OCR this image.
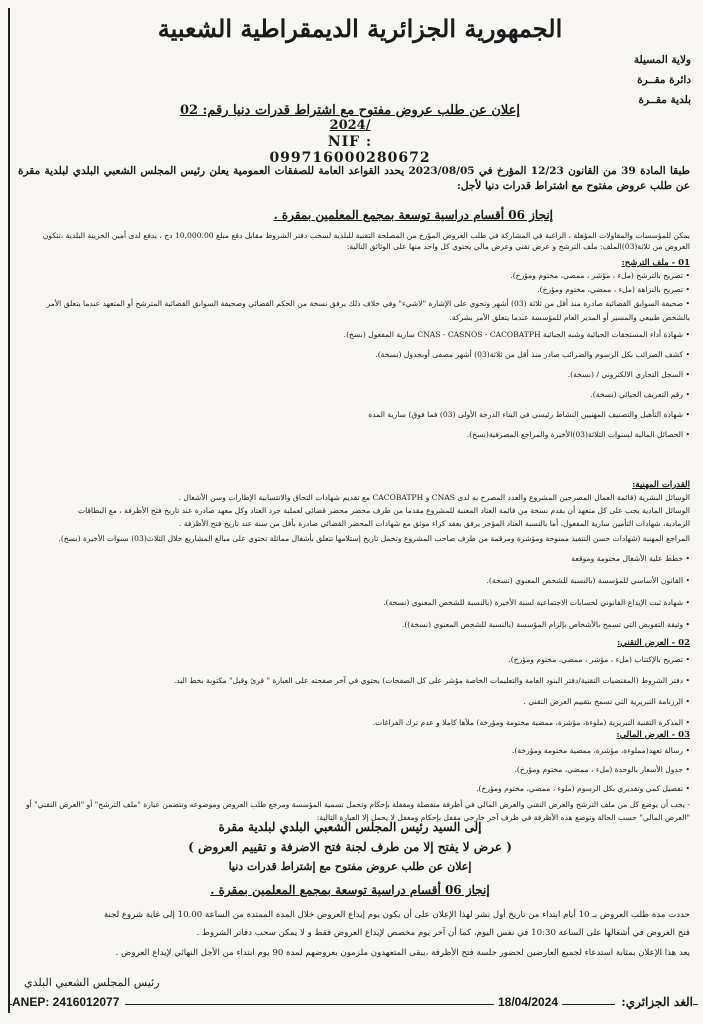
الجمهورية الجزائرية الديمقراطية الشعبية
ولاية المسيلة
دائرة مقــرة
بلدية مقــرة
إعلان عن طلب عروض مفتوح مع اشتراط قدرات دنيا رقم: 02 /2024
NIF : 099716000280672
طبقا المادة 39 من القانون 12/23 المؤرخ في 2023/08/05 يحدد القواعد العامة للصفقات العمومية يعلن رئيس المجلس الشعبي البلدي لبلدية مقرة عن طلب عروض مفتوح مع اشتراط قدرات دنيا لأجل:
إنجاز 06 أقسام دراسية توسعة بمجمع المعلمين بمقرة .
يمكن للمؤسسات والمقاولات المؤهلة ، الراغبة في المشاركة في طلب العروض المؤرخ من المصلحة التقنية للبلدية لسحب دفتر الشروط مقابل دفع مبلغ 10,000.00 دج ، يدفع لدى أمين الخزينة البلدية ،تتكون
العروض من ثلاثة(03)الملف: ملف الترشح و عرض تقني وعرض مالي يحتوي كل واحد منها على الوثائق التالية:
01 - ملف الترشح:
• تصريح بالترشح (ملء ، مؤشر ، ممضي، مختوم ومؤرخ).
• تصريح بالنزاهة (ملء ، ممضي، مختوم ومؤرخ).
• صحيفة السوابق القضائية صادرة منذ أقل من ثلاثة (03) أشهر وتحوي على الإشارة "لاشيء" وفي خلاف ذلك يرفق نسخة من الحكم القضائي وصحيفة السوابق القضائية المترشح أو المتعهد عندما يتعلق الأمر
بالشخص طبيعي والمسير أو المدير العام للمؤسسة عندما يتعلق الأمر بشركة.
• شهادة أداء المستحقات الجبائية وشبه الجبائية CNAS - CASNOS - CACOBATPH سارية المفعول (نسخ).
• كشف الضرائب بكل الرسوم والضرائب صادر منذ أقل من ثلاثة(03) أشهر مصفى أوبجدول (نسخة).
• السجل التجاري الالكتروني / (نسخة).
• رقم التعريف الجبائي (نسخة).
• شهادة التأهيل والتصنيف المهنيين النشاط رئيسي في البناء الدرجة الأولى (03) فما فوق) سارية المدة
• الحصائل المالية لسنوات الثلاثة(03)الأخيرة والمراجع المصرفية(نسخ).
القدرات المهنية:
الوسائل البشرية (قائمة العمال المصرحين المشروع والعدد المصرح به لدى CNAS و CACOBATPH مع تقديم شهادات التحاق والانتسابية الإطارات وسن الأشغال .
الوسائل المادية يجب على كل متعهد أن يقدم نسخة من قائمة العتاد المعنية للمشروع مقدما من طرف محضر محضر قضائي لعملية جرد العتاد وكل معهد صادرة عند تاريخ فتح الأظرفة ، مع البطاقات
الرمادية، شهادات التأمين سارية المفعول، أما بالنسبة العتاد المؤجر يرفق بعقد كراء موثق مع شهادات المحضر القضائي صادرة بأقل من سنة عند تاريخ فتح الأظرفة .
المراجع المهنية (شهادات حسن التنفيذ ممنوحة ومؤشرة ومرقمة من طرف صاحب المشروع وتحمل تاريخ إستلامها تتعلق بأشغال مماثلة تحتوي على مبالغ المشاريع خلال الثلاث(03) سنوات الأخيرة (نسخ).
• خطط علية الأشغال مختومة وموقعة
• القانون الأساسي للمؤسسة (بالنسبة للشخص المعنوي (نسخة).
• شهادة ثبت الإيداع القانوني لحسابات الاجتماعية لسنة الأخيرة (بالنسبة للشخص المعنوي (نسخة).
• وثيقة التفويض التي تسمح بالأشخاص بإلزام المؤسسة (بالنسبة للشخص المعنوي (نسخة)).
02 - العرض التقني:
• تصريح بالإكتتاب (ملء ، مؤشر ، ممضي، مختوم ومؤرخ).
• دفتر الشروط (المقتضيات التقنية/دفتر البنود العامة والتعليمات الخاصة مؤشر على كل الصفحات) يحتوي في آخر صفحته على العبارة " قرئ وقبل" مكتوبة بخط اليد.
• الرزنامة التبريرية التي تسمح بتقييم العرض التقني .
• المذكرة التقنية التبريرية (ملوءة، مؤشرة، ممضية مختومة ومؤرخة) ملأها كاملا و عدم ترك الفراغات.
03 - العرض المالي:
• رسالة تعهد(مملوءة، مؤشرة، ممضية مختومة ومؤرخة).
• جدول الأسعار بالوحدة (ملء ، ممضي، مختوم ومؤرخ).
• تفصيل كمي وتقديري بكل الرسوم (ملوء ، ممضي، مختوم ومؤرخ).
- يجب أن يوضع كل من ملف الترشح والعرض التقني والعرض المالي في أظرفة منفصلة ومقفلة بإحكام وتحمل تسمية المؤسسة ومرجع طلب العروض وموضوعه وتتضمن عبارة "ملف الترشح" أو "العرض التقني" أو
"العرض المالي" حسب الحالة وتوضع هذه الأظرفة في ظرف آخر خارجي مقفل بإحكام ومغفل لا يحمل إلا العبارة التالية:
إلى السيد رئيس المجلس الشعبي البلدي لبلدية مقرة
( عرض لا يفتح إلا من طرف لجنة فتح الاضرفة و تقييم العروض )
إعلان عن طلب عروض مفتوح مع إشتراط قدرات دنيا
إنجاز 06 أقسام دراسية توسعة بمجمع المعلمين بمقرة .
حددت مدة طلب العروض بـ 10 أيام ابتداء من تاريخ أول نشر لهذا الإعلان على أن يكون يوم إيداع العروض خلال المدة الممتدة من الساعة 10.00 إلى غاية شروع لجنة
فتح العروض في أشغالها على الساعة 10:30 في نفس اليوم، كما أن آخر يوم مخصص لإيداع العروض فقط و لا يمكن سحب دفاتر الشروط .
يعد هذا الإعلان بمثابة استدعاء لجميع العارضين لحضور جلسة فتح الأظرفة ،يبقى المتعهدون ملزمون بعروضهم لمدة 90 يوم ابتداء من الأجل النهائي لإيداع العروض .
رئيس المجلس الشعبي البلدي
ANEP: 2416012077	18/04/2024	الغد الجزائري:
